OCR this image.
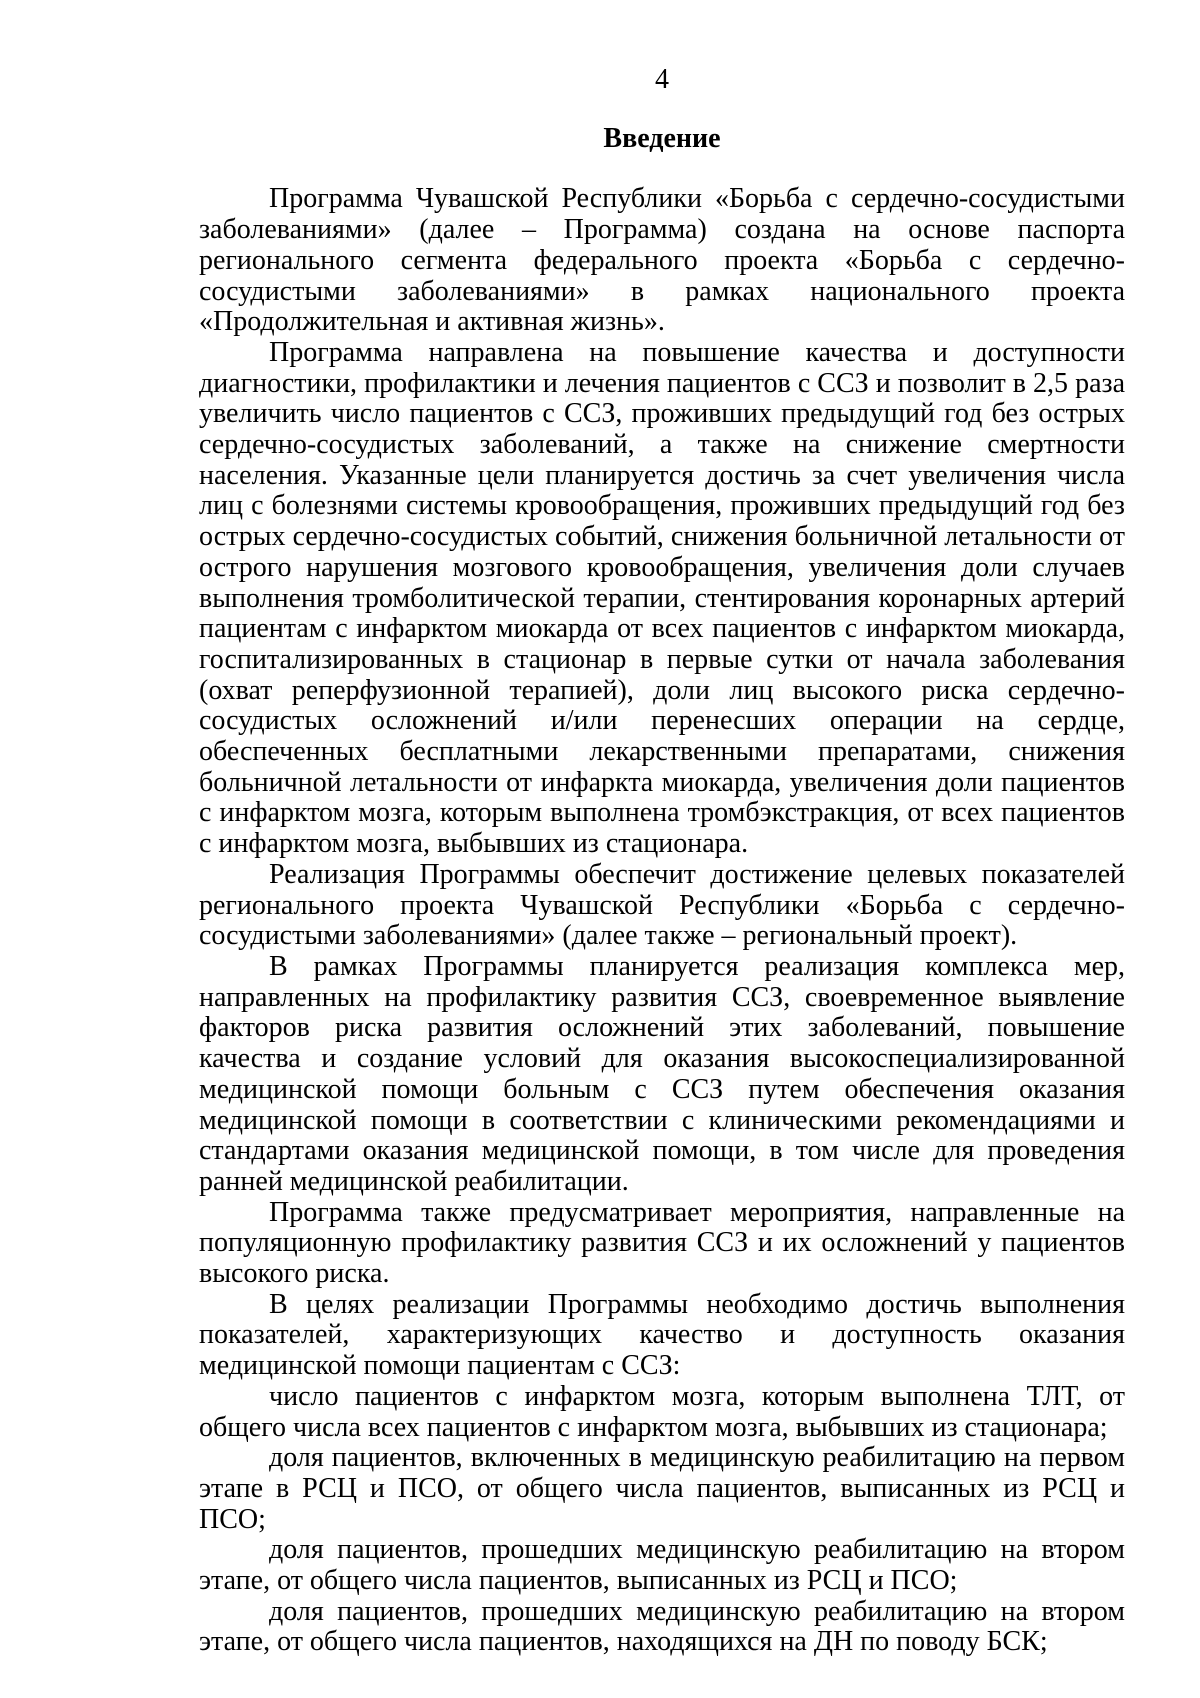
4
Введение

Программа Чувашской Республики «Борьба с сердечно-сосудистыми заболеваниями» (далее – Программа) создана на основе паспорта регионального сегмента федерального проекта «Борьба с сердечно-сосудистыми заболеваниями» в рамках национального проекта «Продолжительная и активная жизнь».

Программа направлена на повышение качества и доступности диагностики, профилактики и лечения пациентов с ССЗ и позволит в 2,5 раза увеличить число пациентов с ССЗ, проживших предыдущий год без острых сердечно-сосудистых заболеваний, а также на снижение смертности населения. Указанные цели планируется достичь за счет увеличения числа лиц с болезнями системы кровообращения, проживших предыдущий год без острых сердечно-сосудистых событий, снижения больничной летальности от острого нарушения мозгового кровообращения, увеличения доли случаев выполнения тромболитической терапии, стентирования коронарных артерий пациентам с инфарктом миокарда от всех пациентов с инфарктом миокарда, госпитализированных в стационар в первые сутки от начала заболевания (охват реперфузионной терапией), доли лиц высокого риска сердечно-сосудистых осложнений и/или перенесших операции на сердце, обеспеченных бесплатными лекарственными препаратами, снижения больничной летальности от инфаркта миокарда, увеличения доли пациентов с инфарктом мозга, которым выполнена тромбэкстракция, от всех пациентов с инфарктом мозга, выбывших из стационара.

Реализация Программы обеспечит достижение целевых показателей регионального проекта Чувашской Республики «Борьба с сердечно-сосудистыми заболеваниями» (далее также – региональный проект).

В рамках Программы планируется реализация комплекса мер, направленных на профилактику развития ССЗ, своевременное выявление факторов риска развития осложнений этих заболеваний, повышение качества и создание условий для оказания высокоспециализированной медицинской помощи больным с ССЗ путем обеспечения оказания медицинской помощи в соответствии с клиническими рекомендациями и стандартами оказания медицинской помощи, в том числе для проведения ранней медицинской реабилитации.

Программа также предусматривает мероприятия, направленные на популяционную профилактику развития ССЗ и их осложнений у пациентов высокого риска.

В целях реализации Программы необходимо достичь выполнения показателей, характеризующих качество и доступность оказания медицинской помощи пациентам с ССЗ:

число пациентов с инфарктом мозга, которым выполнена ТЛТ, от общего числа всех пациентов с инфарктом мозга, выбывших из стационара;

доля пациентов, включенных в медицинскую реабилитацию на первом этапе в РСЦ и ПСО, от общего числа пациентов, выписанных из РСЦ и ПСО;

доля пациентов, прошедших медицинскую реабилитацию на втором этапе, от общего числа пациентов, выписанных из РСЦ и ПСО;

доля пациентов, прошедших медицинскую реабилитацию на втором этапе, от общего числа пациентов, находящихся на ДН по поводу БСК;
